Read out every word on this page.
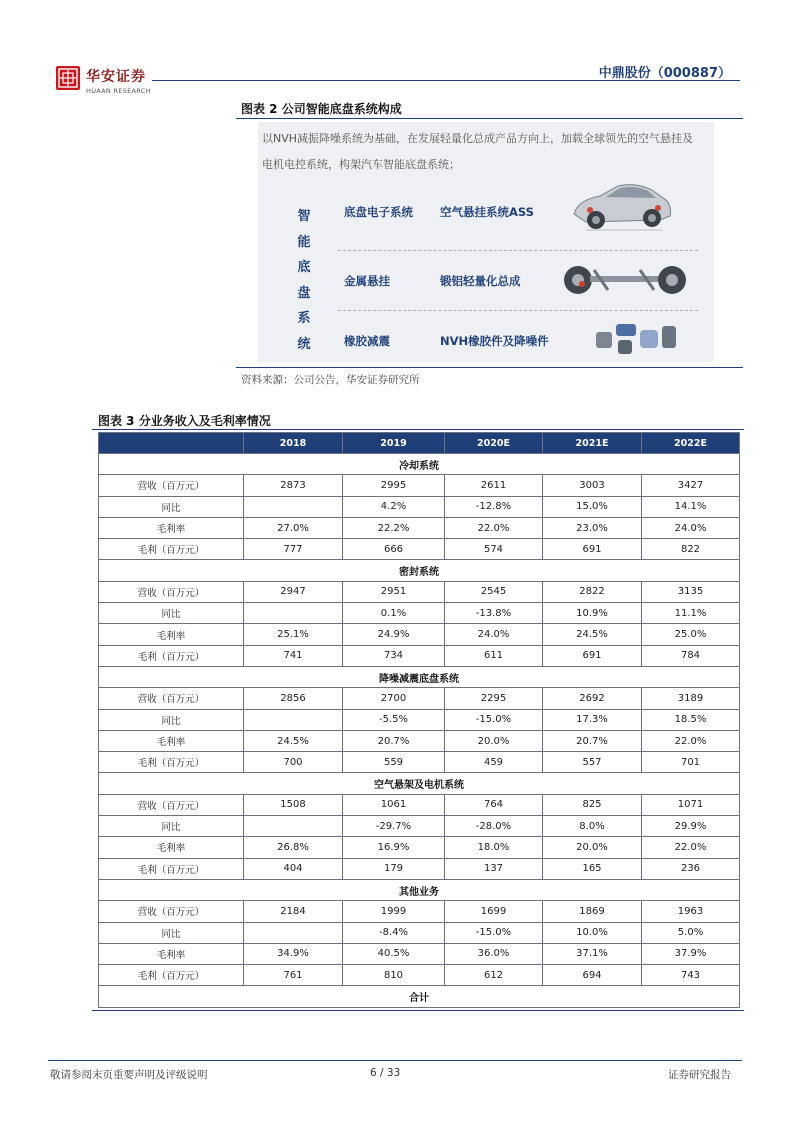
华安证券
HUAAN RESEARCH
中鼎股份（000887）
图表 2 公司智能底盘系统构成
以NVH减振降噪系统为基础，在发展轻量化总成产品方向上，加载全球领先的空气悬挂及电机电控系统，构架汽车智能底盘系统；
智
能
底
盘
系
统
底盘电子系统 空气悬挂系统ASS
金属悬挂	锻铝轻量化总成
橡胶减震	NVH橡胶件及降噪件
资料来源：公司公告，华安证券研究所
图表 3 分业务收入及毛利率情况
	2018	2019	2020E	2021E	2022E
冷却系统					
营收（百万元）	2873	2995	2611	3003	3427
同比		4.2%	-12.8%	15.0%	14.1%
毛利率	27.0%	22.2%	22.0%	23.0%	24.0%
毛利（百万元）	777	666	574	691	822
密封系统					
营收（百万元）	2947	2951	2545	2822	3135
同比		0.1%	-13.8%	10.9%	11.1%
毛利率	25.1%	24.9%	24.0%	24.5%	25.0%
毛利（百万元）	741	734	611	691	784
降噪减震底盘系统					
营收（百万元）	2856	2700	2295	2692	3189
同比		-5.5%	-15.0%	17.3%	18.5%
毛利率	24.5%	20.7%	20.0%	20.7%	22.0%
毛利（百万元）	700	559	459	557	701
空气悬架及电机系统					
营收（百万元）	1508	1061	764	825	1071
同比		-29.7%	-28.0%	8.0%	29.9%
毛利率	26.8%	16.9%	18.0%	20.0%	22.0%
毛利（百万元）	404	179	137	165	236
其他业务					
营收（百万元）	2184	1999	1699	1869	1963
同比		-8.4%	-15.0%	10.0%	5.0%
毛利率	34.9%	40.5%	36.0%	37.1%	37.9%
毛利（百万元）	761	810	612	694	743
合计					
敬请参阅末页重要声明及评级说明	6 / 33	证券研究报告
